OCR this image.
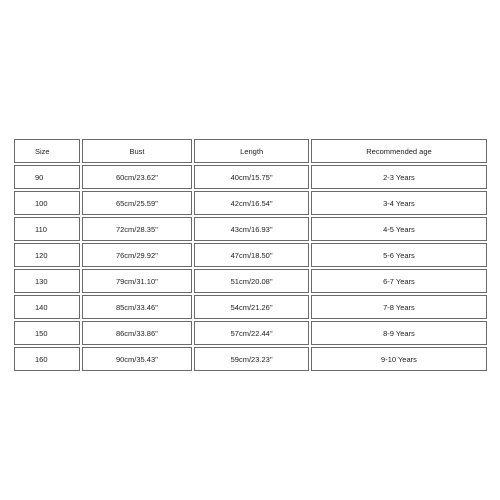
Size	Bust	Length	Recommended age
90	60cm/23.62''	40cm/15.75''	2-3 Years
100	65cm/25.59''	42cm/16.54''	3-4 Years
110	72cm/28.35''	43cm/16.93''	4-5 Years
120	76cm/29.92''	47cm/18.50''	5-6 Years
130	79cm/31.10''	51cm/20.08''	6-7 Years
140	85cm/33.46''	54cm/21.26''	7-8 Years
150	86cm/33.86''	57cm/22.44''	8-9 Years
160	90cm/35.43''	59cm/23.23''	9-10 Years
